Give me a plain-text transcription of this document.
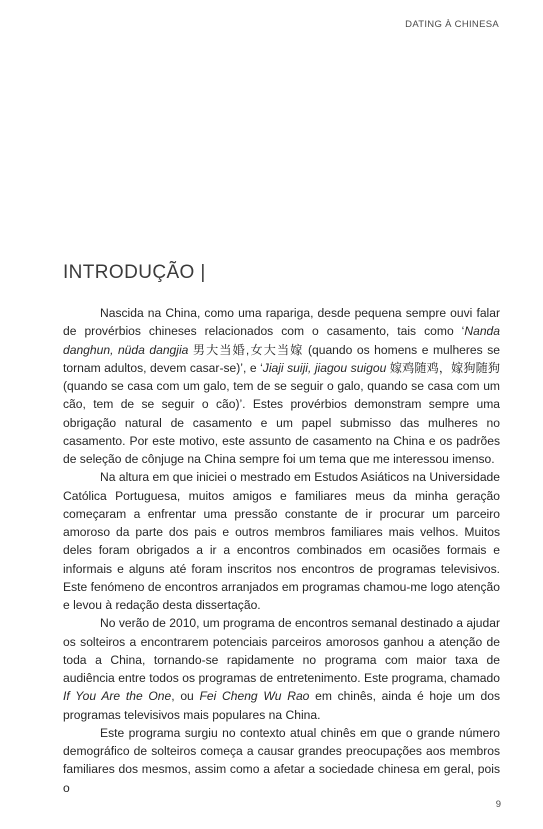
DATING À CHINESA
INTRODUÇÃO |

Nascida na China, como uma rapariga, desde pequena sempre ouvi falar de provérbios chineses relacionados com o casamento, tais como ‘Nanda danghun, nüda dangjia 男大当婚,女大当嫁 (quando os homens e mulheres se tornam adultos, devem casar-se)’, e ‘Jiaji suiji, jiagou suigou 嫁鸡随鸡，嫁狗随狗 (quando se casa com um galo, tem de se seguir o galo, quando se casa com um cão, tem de se seguir o cão)’. Estes provérbios demonstram sempre uma obrigação natural de casamento e um papel submisso das mulheres no casamento. Por este motivo, este assunto de casamento na China e os padrões de seleção de cônjuge na China sempre foi um tema que me interessou imenso.

Na altura em que iniciei o mestrado em Estudos Asiáticos na Universidade Católica Portuguesa, muitos amigos e familiares meus da minha geração começaram a enfrentar uma pressão constante de ir procurar um parceiro amoroso da parte dos pais e outros membros familiares mais velhos. Muitos deles foram obrigados a ir a encontros combinados em ocasiões formais e informais e alguns até foram inscritos nos encontros de programas televisivos. Este fenómeno de encontros arranjados em programas chamou-me logo atenção e levou à redação desta dissertação.

No verão de 2010, um programa de encontros semanal destinado a ajudar os solteiros a encontrarem potenciais parceiros amorosos ganhou a atenção de toda a China, tornando-se rapidamente no programa com maior taxa de audiência entre todos os programas de entretenimento. Este programa, chamado If You Are the One, ou Fei Cheng Wu Rao em chinês, ainda é hoje um dos programas televisivos mais populares na China.

Este programa surgiu no contexto atual chinês em que o grande número demográfico de solteiros começa a causar grandes preocupações aos membros familiares dos mesmos, assim como a afetar a sociedade chinesa em geral, pois o

9
